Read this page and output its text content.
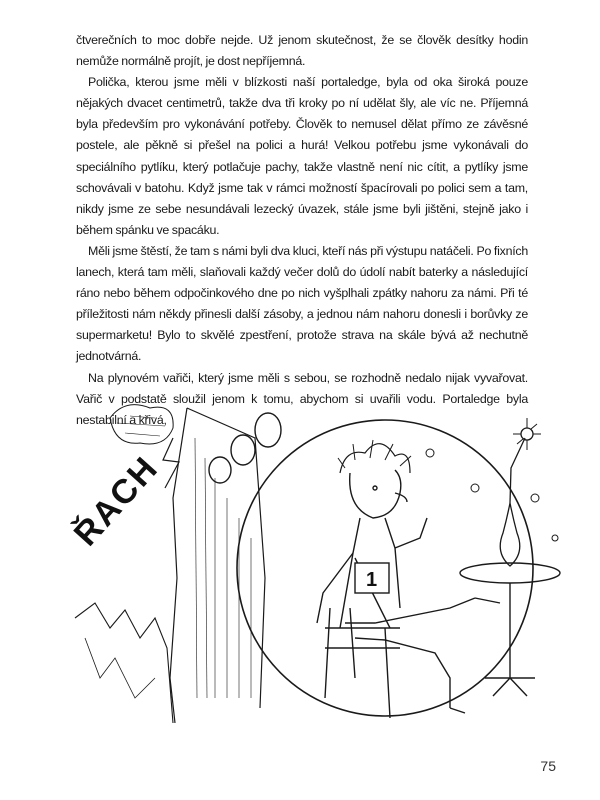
čtverečních to moc dobře nejde. Už jenom skutečnost, že se člověk desítky hodin nemůže normálně projít, je dost nepříjemná.

Polička, kterou jsme měli v blízkosti naší portaledge, byla od oka široká pouze nějakých dvacet centimetrů, takže dva tři kroky po ní udělat šly, ale víc ne. Příjemná byla především pro vykonávání potřeby. Člověk to nemusel dělat přímo ze závěsné postele, ale pěkně si přešel na polici a hurá! Velkou potřebu jsme vykonávali do speciálního pytlíku, který potlačuje pachy, takže vlastně není nic cítit, a pytlíky jsme schovávali v batohu. Když jsme tak v rámci možností špacírovali po polici sem a tam, nikdy jsme ze sebe nesundávali lezecký úvazek, stále jsme byli jištěni, stejně jako i během spánku ve spacáku.

Měli jsme štěstí, že tam s námi byli dva kluci, kteří nás při výstupu natáčeli. Po fixních lanech, která tam měli, slaňovali každý večer dolů do údolí nabít baterky a následující ráno nebo během odpočinkového dne po nich vyšplhali zpátky nahoru za námi. Při té příležitosti nám někdy přinesli další zásoby, a jednou nám nahoru donesli i borůvky ze supermarketu! Bylo to skvělé zpestření, protože strava na skále bývá až nechutně jednotvárná.

Na plynovém vařiči, který jsme měli s sebou, se rozhodně nedalo nijak vyvařovat. Vařič v podstatě sloužil jenom k tomu, abychom si uvařili vodu. Portaledge byla nestabilní a křivá,

ŘACH
1
75
